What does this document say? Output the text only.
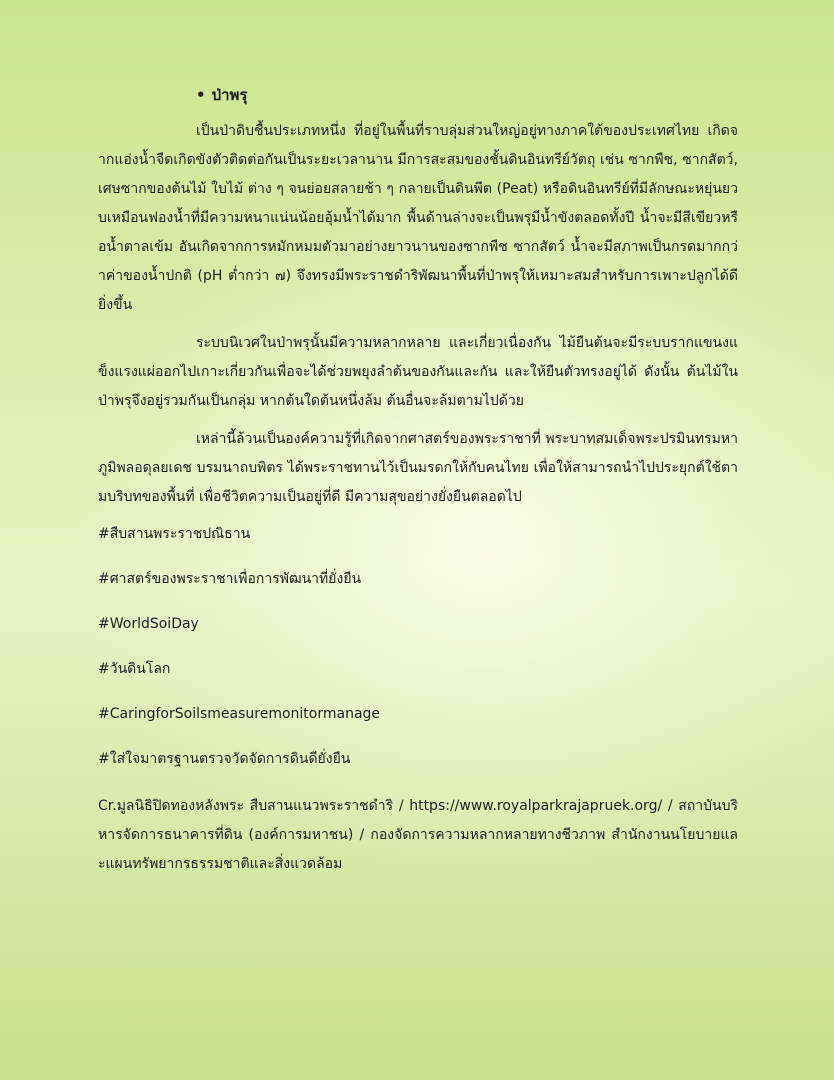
• ป่าพรุ

เป็นป่าดิบชื้นประเภทหนึ่ง ที่อยู่ในพื้นที่ราบลุ่มส่วนใหญ่อยู่ทางภาคใต้ของประเทศไทย เกิดจากแอ่งน้ำจืดเกิดขังตัวติดต่อกันเป็นระยะเวลานาน มีการสะสมของชั้นดินอินทรีย์วัตถุ เช่น ซากพืช, ซากสัตว์, เศษซากของต้นไม้ ใบไม้ ต่าง ๆ จนย่อยสลายช้า ๆ กลายเป็นดินพีต (Peat) หรือดินอินทรีย์ที่มีลักษณะหยุ่นยวบเหมือนฟองน้ำที่มีความหนาแน่นน้อยอุ้มน้ำได้มาก พื้นด้านล่างจะเป็นพรุมีน้ำขังตลอดทั้งปี น้ำจะมีสีเขียวหรือน้ำตาลเข้ม อันเกิดจากการหมักหมมตัวมาอย่างยาวนานของซากพืช ซากสัตว์ น้ำจะมีสภาพเป็นกรดมากกว่าค่าของน้ำปกติ (pH ต่ำกว่า ๗) จึงทรงมีพระราชดำริพัฒนาพื้นที่ป่าพรุให้เหมาะสมสำหรับการเพาะปลูกได้ดียิ่งขึ้น

ระบบนิเวศในป่าพรุนั้นมีความหลากหลาย และเกี่ยวเนื่องกัน ไม้ยืนต้นจะมีระบบรากแขนงแข็งแรงแผ่ออกไปเกาะเกี่ยวกันเพื่อจะได้ช่วยพยุงลำต้นของกันและกัน และให้ยืนตัวทรงอยู่ได้ ดังนั้น ต้นไม้ในป่าพรุจึงอยู่รวมกันเป็นกลุ่ม หากต้นใดต้นหนึ่งล้ม ต้นอื่นจะล้มตามไปด้วย

เหล่านี้ล้วนเป็นองค์ความรู้ที่เกิดจากศาสตร์ของพระราชาที่ พระบาทสมเด็จพระปรมินทรมหาภูมิพลอดุลยเดช บรมนาถบพิตร ได้พระราชทานไว้เป็นมรดกให้กับคนไทย เพื่อให้สามารถนำไปประยุกต์ใช้ตามบริบทของพื้นที่ เพื่อชีวิตความเป็นอยู่ที่ดี มีความสุขอย่างยั่งยืนตลอดไป

#สืบสานพระราชปณิธาน
#ศาสตร์ของพระราชาเพื่อการพัฒนาที่ยั่งยืน
#WorldSoiDay
#วันดินโลก
#CaringforSoilsmeasuremonitormanage
#ใส่ใจมาตรฐานตรวจวัดจัดการดินดียั่งยืน
Cr.มูลนิธิปิดทองหลังพระ สืบสานแนวพระราชดำริ / https://www.royalparkrajapruek.org/ / สถาบันบริหารจัดการธนาคารที่ดิน (องค์การมหาชน) / กองจัดการความหลากหลายทางชีวภาพ สำนักงานนโยบายและแผนทรัพยากรธรรมชาติและสิ่งแวดล้อม
